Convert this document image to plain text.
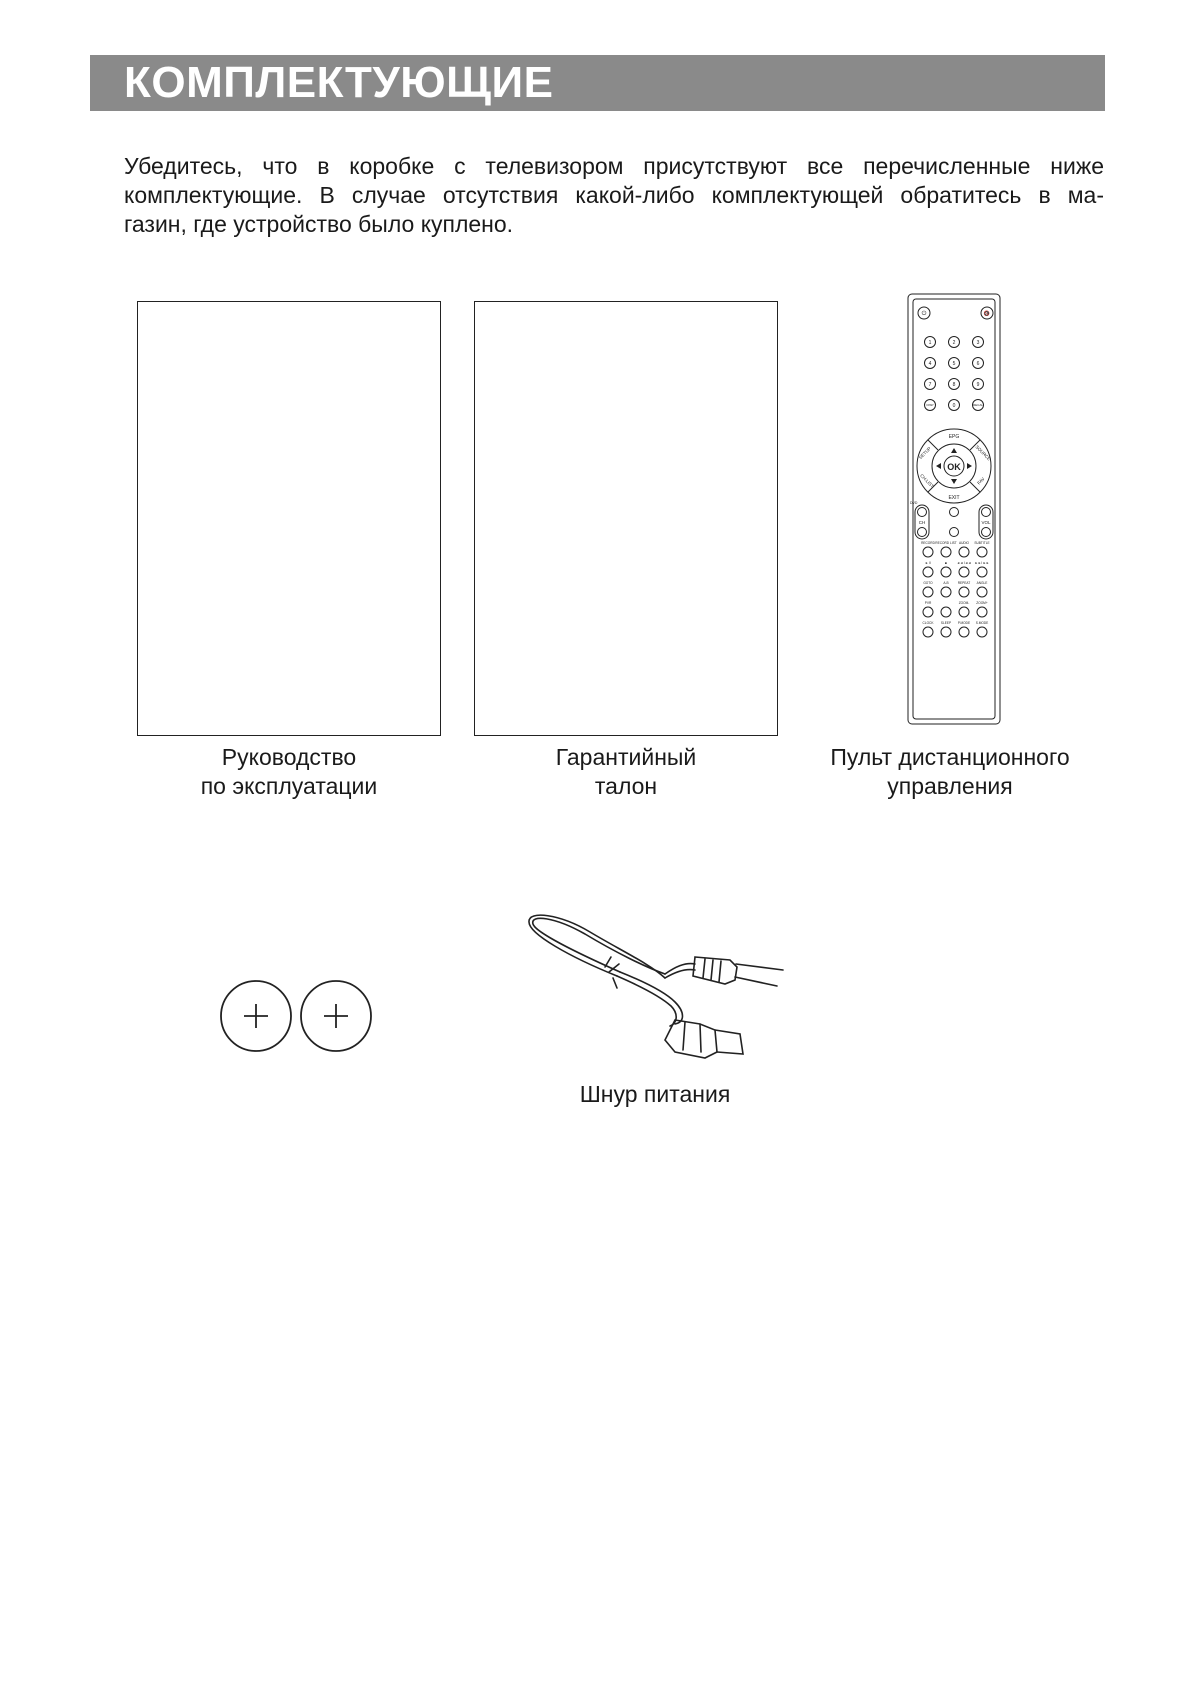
КОМПЛЕКТУЮЩИЕ
Убедитесь, что в коробке с телевизором присутствуют все перечисленные ниже
комплектующие. В случае отсутствия какой-либо комплектующей обратитесь в ма-
газин, где устройство было куплено.
Руководство
по эксплуатации
Гарантийный
талон
⏻	🔇
1	2	3
4	5	6
7	8	9
DISP	0	RECAL
RECORD RECORD LIST AUDIO SUBTITLE
► II	■	◄◄ I◄◄ ►►I ►►
GOTO	A-B	REPEAT ANGLE
PVR	ZOOM- ZOOM+
CLOCK SLEEP P.MODE S.MODE
OK
EPG
EXIT
SETUP	SOURCE
CH.LIST	FAV
CH	VOL
DVD
Пульт дистанционного
управления
Шнур питания
